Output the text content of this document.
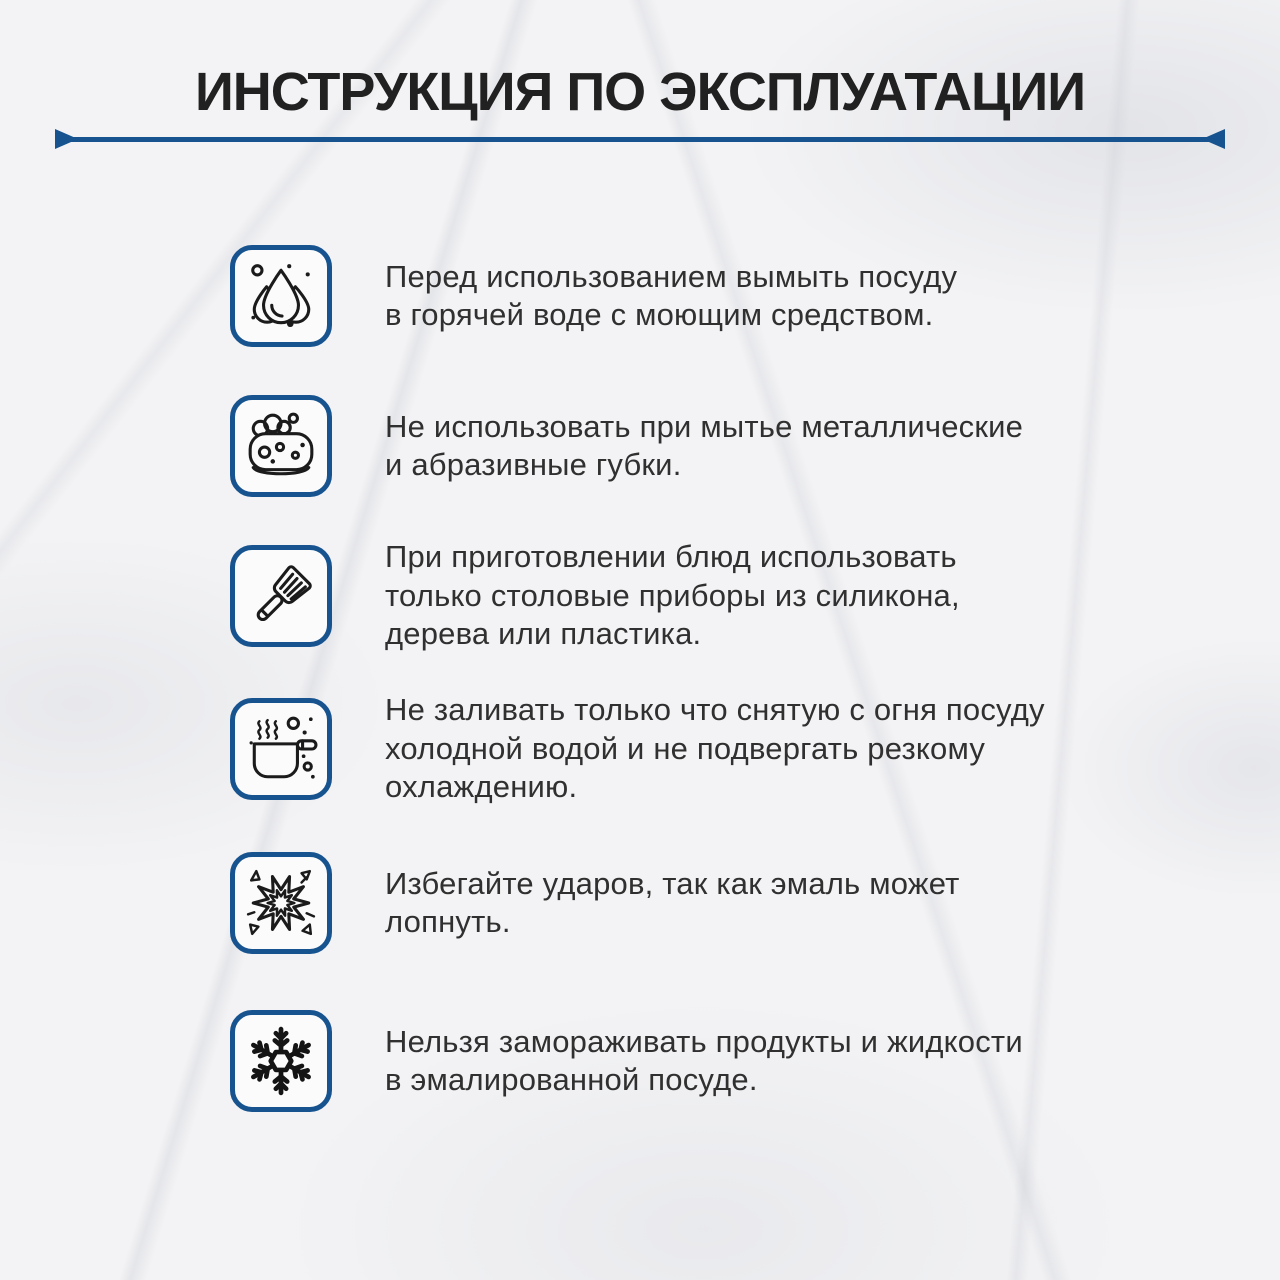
ИНСТРУКЦИЯ ПО ЭКСПЛУАТАЦИИ
Перед использованием вымыть посуду
в горячей воде с моющим средством.
Не использовать при мытье металлические
и абразивные губки.
При приготовлении блюд использовать
только столовые приборы из силикона,
дерева или пластика.
Не заливать только что снятую с огня посуду
холодной водой и не подвергать резкому
охлаждению.
Избегайте ударов, так как эмаль может
лопнуть.
Нельзя замораживать продукты и жидкости
в эмалированной посуде.
